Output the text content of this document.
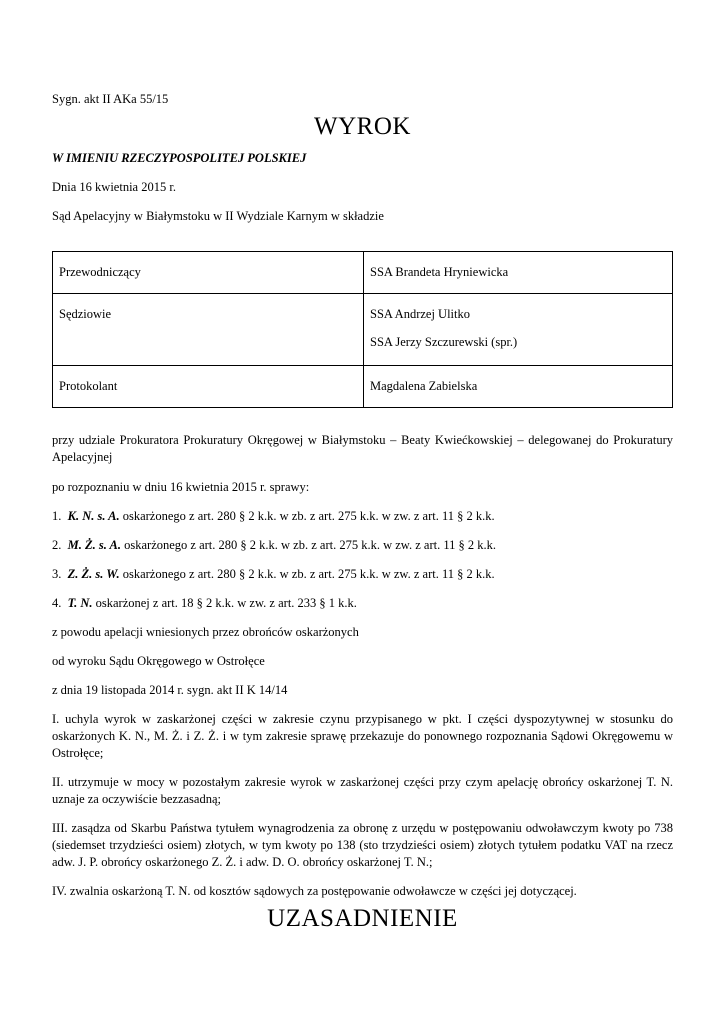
Sygn. akt II AKa 55/15
WYROK
W IMIENIU RZECZYPOSPOLITEJ POLSKIEJ
Dnia 16 kwietnia 2015 r.
Sąd Apelacyjny w Białymstoku w II Wydziale Karnym w składzie
Przewodniczący	SSA Brandeta Hryniewicka

Sędziowie	SSA Andrzej Ulitko
SSA Jerzy Szczurewski (spr.)

Protokolant	Magdalena Zabielska
przy udziale Prokuratora Prokuratury Okręgowej w Białymstoku – Beaty Kwiećkowskiej – delegowanej do Prokuratury Apelacyjnej
po rozpoznaniu w dniu 16 kwietnia 2015 r. sprawy:
1. K. N. s. A. oskarżonego z art. 280 § 2 k.k. w zb. z art. 275 k.k. w zw. z art. 11 § 2 k.k.
2. M. Ż. s. A. oskarżonego z art. 280 § 2 k.k. w zb. z art. 275 k.k. w zw. z art. 11 § 2 k.k.
3. Z. Ż. s. W. oskarżonego z art. 280 § 2 k.k. w zb. z art. 275 k.k. w zw. z art. 11 § 2 k.k.
4. T. N. oskarżonej z art. 18 § 2 k.k. w zw. z art. 233 § 1 k.k.
z powodu apelacji wniesionych przez obrońców oskarżonych
od wyroku Sądu Okręgowego w Ostrołęce
z dnia 19 listopada 2014 r. sygn. akt II K 14/14
I. uchyla wyrok w zaskarżonej części w zakresie czynu przypisanego w pkt. I części dyspozytywnej w stosunku do oskarżonych K. N., M. Ż. i Z. Ż. i w tym zakresie sprawę przekazuje do ponownego rozpoznania Sądowi Okręgowemu w Ostrołęce;
II. utrzymuje w mocy w pozostałym zakresie wyrok w zaskarżonej części przy czym apelację obrońcy oskarżonej T. N. uznaje za oczywiście bezzasadną;
III. zasądza od Skarbu Państwa tytułem wynagrodzenia za obronę z urzędu w postępowaniu odwoławczym kwoty po 738 (siedemset trzydzieści osiem) złotych, w tym kwoty po 138 (sto trzydzieści osiem) złotych tytułem podatku VAT na rzecz adw. J. P. obrońcy oskarżonego Z. Ż. i adw. D. O. obrońcy oskarżonej T. N.;
IV. zwalnia oskarżoną T. N. od kosztów sądowych za postępowanie odwoławcze w części jej dotyczącej.
UZASADNIENIE
